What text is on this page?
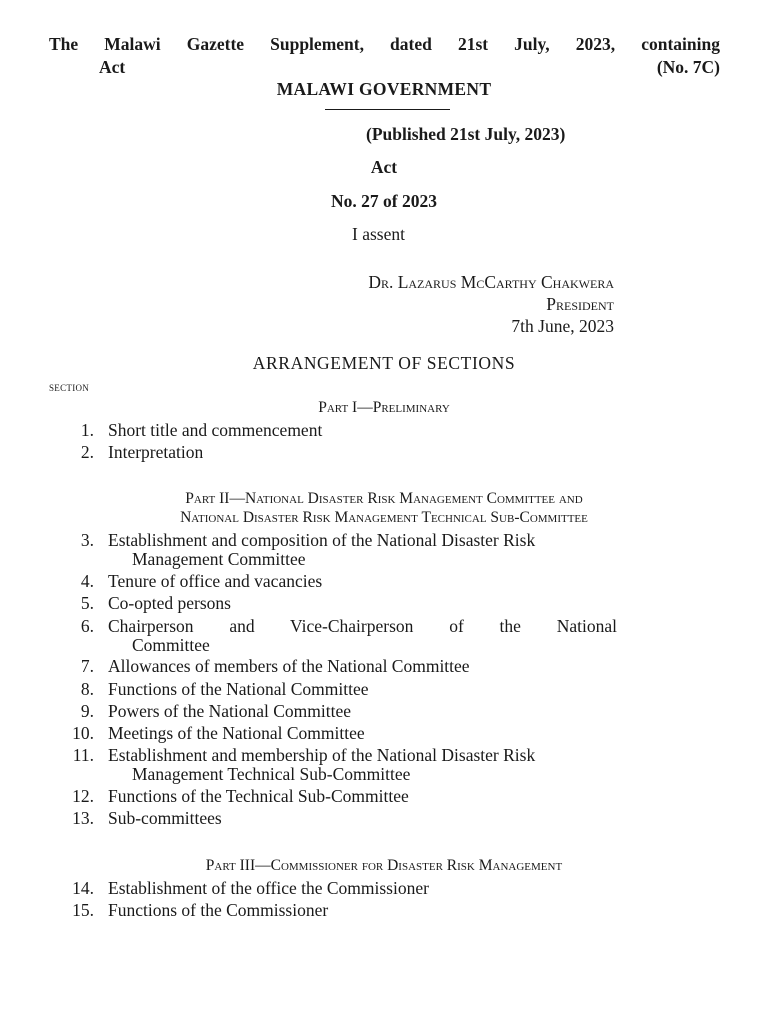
The Malawi Gazette Supplement, dated 21st July, 2023, containing
Act	(No. 7C)
MALAWI GOVERNMENT
(Published 21st July, 2023)
Act
No. 27 of 2023
I assent
Dr. Lazarus McCarthy Chakwera
President
7th June, 2023
ARRANGEMENT OF SECTIONS
section
Part I—Preliminary
1. Short title and commencement
2. Interpretation
Part II—National Disaster Risk Management Committee and
National Disaster Risk Management Technical Sub-Committee
3. Establishment and composition of the National Disaster Risk
Management Committee
4. Tenure of office and vacancies
5. Co-opted persons
6. Chairperson and Vice-Chairperson of the National
Committee
7. Allowances of members of the National Committee
8. Functions of the National Committee
9. Powers of the National Committee
10. Meetings of the National Committee
11. Establishment and membership of the National Disaster Risk
Management Technical Sub-Committee
12. Functions of the Technical Sub-Committee
13. Sub-committees
Part III—Commissioner for Disaster Risk Management
14. Establishment of the office the Commissioner
15. Functions of the Commissioner
